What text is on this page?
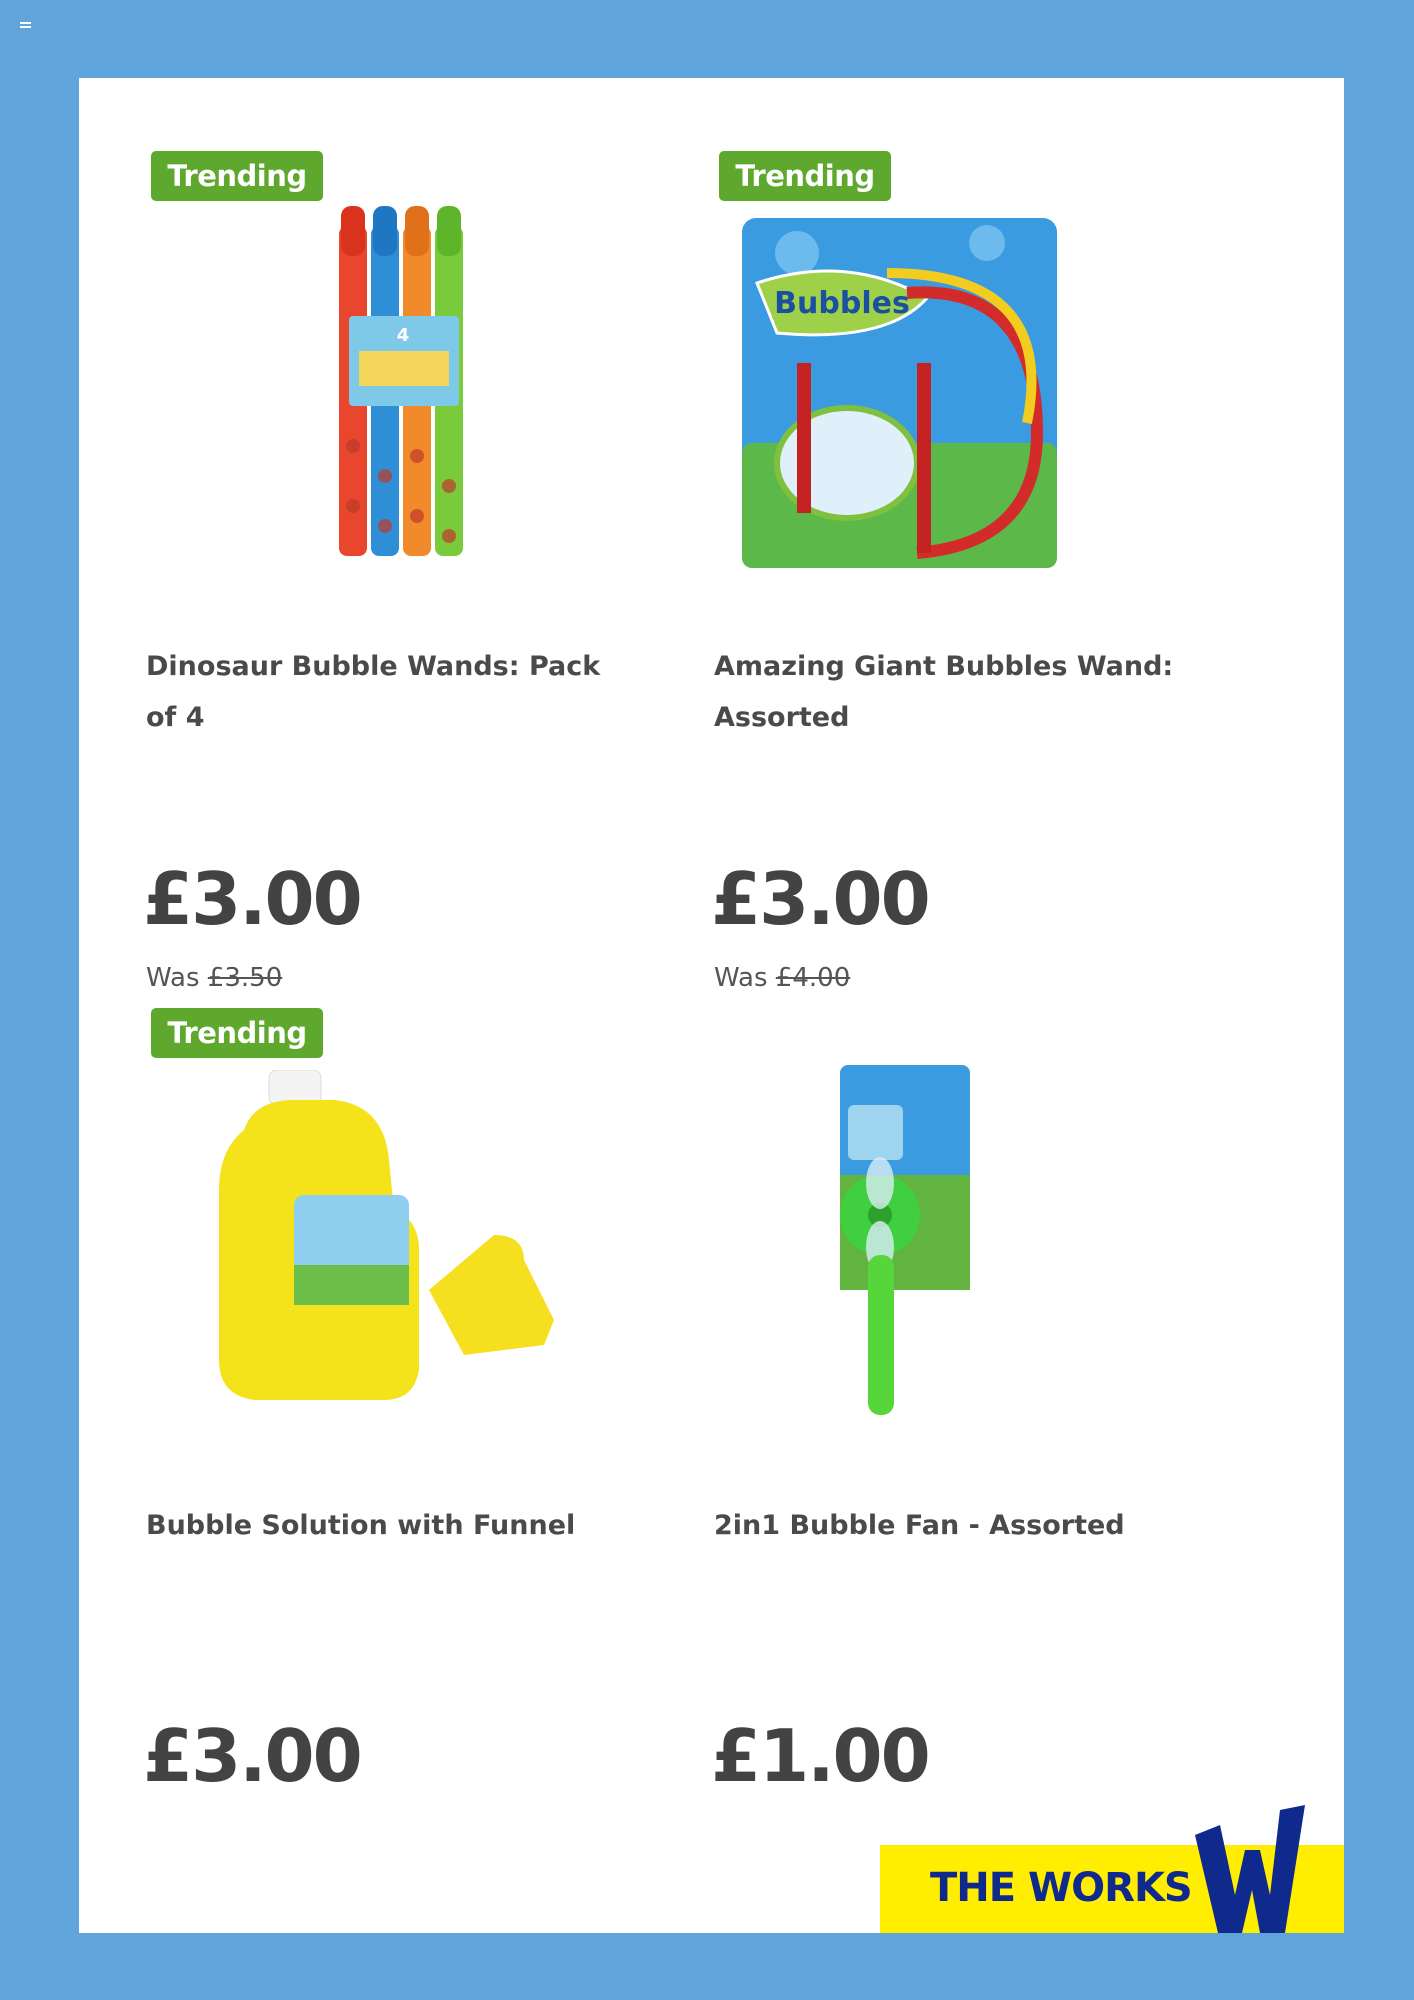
Trending
4
Dinosaur Bubble Wands: Pack of 4
£3.00
Was £3.50
Trending
Bubbles
Amazing Giant Bubbles Wand: Assorted
£3.00
Was £4.00
Trending
Bubble Solution with Funnel
£3.00
2in1 Bubble Fan - Assorted
£1.00
THE WORKS
